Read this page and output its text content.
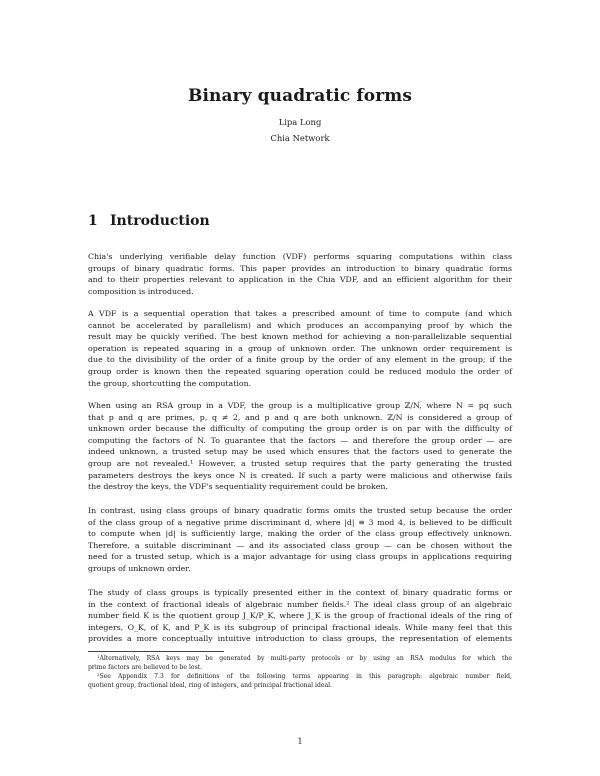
Binary quadratic forms
Lipa Long
Chia Network
1 Introduction
Chia's underlying verifiable delay function (VDF) performs squaring computations within class
groups of binary quadratic forms. This paper provides an introduction to binary quadratic forms
and to their properties relevant to application in the Chia VDF, and an efficient algorithm for their
composition is introduced.
A VDF is a sequential operation that takes a prescribed amount of time to compute (and which
cannot be accelerated by parallelism) and which produces an accompanying proof by which the
result may be quickly verified. The best known method for achieving a non-parallelizable sequential
operation is repeated squaring in a group of unknown order. The unknown order requirement is
due to the divisibility of the order of a finite group by the order of any element in the group; if the
group order is known then the repeated squaring operation could be reduced modulo the order of
the group, shortcutting the computation.
When using an RSA group in a VDF, the group is a multiplicative group ℤ/N, where N = pq such
that p and q are primes, p, q ≠ 2, and p and q are both unknown. ℤ/N is considered a group of
unknown order because the difficulty of computing the group order is on par with the difficulty of
computing the factors of N. To guarantee that the factors — and therefore the group order — are
indeed unknown, a trusted setup may be used which ensures that the factors used to generate the
group are not revealed.¹ However, a trusted setup requires that the party generating the trusted
parameters destroys the keys once N is created. If such a party were malicious and otherwise fails
the destroy the keys, the VDF's sequentiality requirement could be broken.
In contrast, using class groups of binary quadratic forms omits the trusted setup because the order
of the class group of a negative prime discriminant d, where |d| ≡ 3 mod 4, is believed to be difficult
to compute when |d| is sufficiently large, making the order of the class group effectively unknown.
Therefore, a suitable discriminant — and its associated class group — can be chosen without the
need for a trusted setup, which is a major advantage for using class groups in applications requiring
groups of unknown order.
The study of class groups is typically presented either in the context of binary quadratic forms or
in the context of fractional ideals of algebraic number fields.² The ideal class group of an algebraic
number field K is the quotient group J_K/P_K, where J_K is the group of fractional ideals of the ring of
integers, O_K, of K, and P_K is its subgroup of principal fractional ideals. While many feel that this
provides a more conceptually intuitive introduction to class groups, the representation of elements
¹Alternatively, RSA keys may be generated by multi-party protocols or by using an RSA modulus for which the
prime factors are believed to be lost.
²See Appendix 7.3 for definitions of the following terms appearing in this paragraph: algebraic number field,
quotient group, fractional ideal, ring of integers, and principal fractional ideal.
1
